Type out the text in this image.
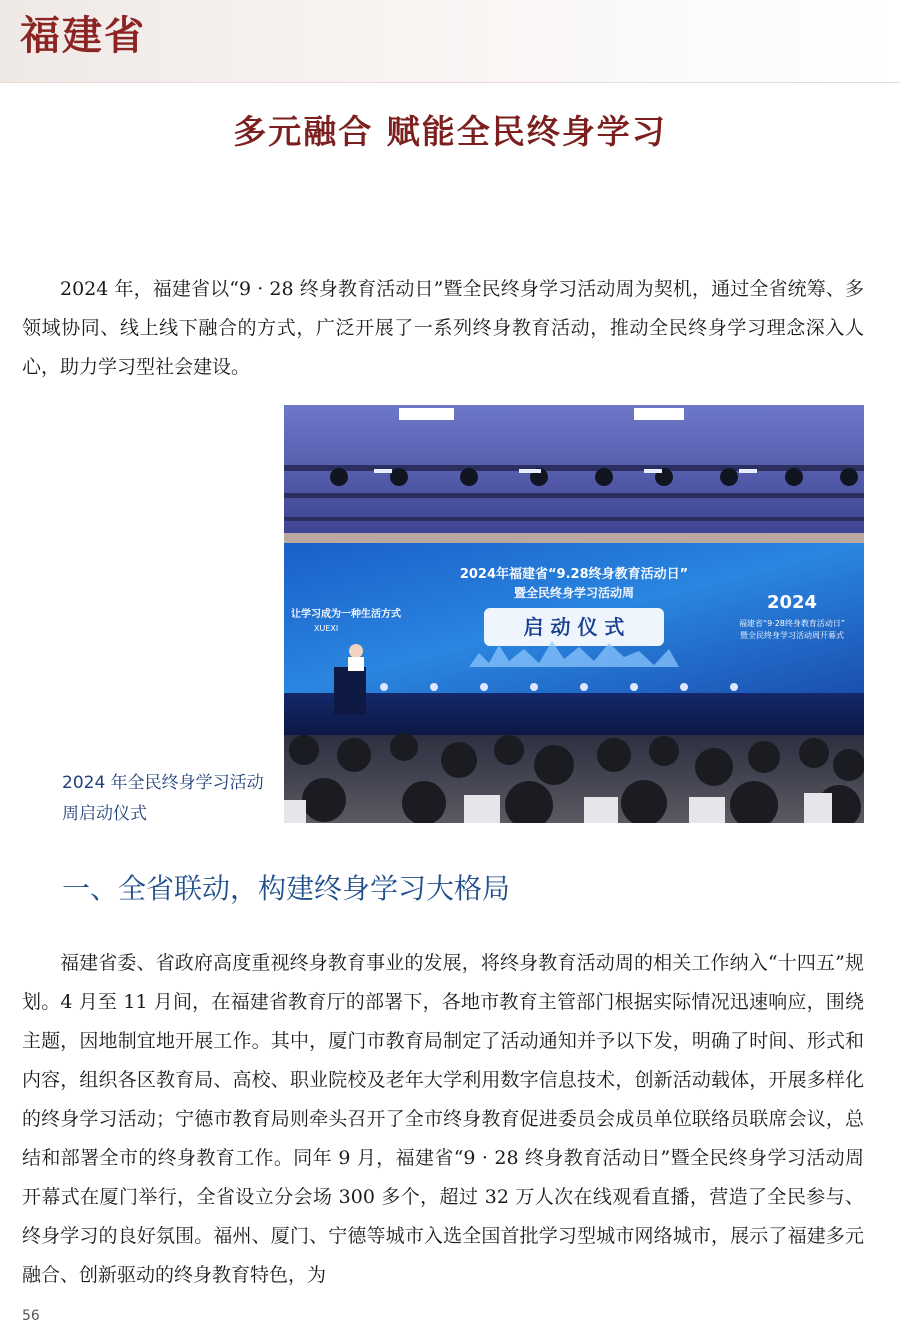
福建省
多元融合 赋能全民终身学习

2024 年，福建省以“9 · 28 终身教育活动日”暨全民终身学习活动周为契机，通过全省统筹、多领域协同、线上线下融合的方式，广泛开展了一系列终身教育活动，推动全民终身学习理念深入人心，助力学习型社会建设。

2024年福建省“9.28终身教育活动日”
暨全民终身学习活动周
启 动 仪 式
2024
福建省“9·28终身教育活动日”
暨全民终身学习活动周开幕式
让学习成为一种生活方式
XUEXI
2024 年全民终身学习活动周启动仪式
一、全省联动，构建终身学习大格局

福建省委、省政府高度重视终身教育事业的发展，将终身教育活动周的相关工作纳入“十四五”规划。4 月至 11 月间，在福建省教育厅的部署下，各地市教育主管部门根据实际情况迅速响应，围绕主题，因地制宜地开展工作。其中，厦门市教育局制定了活动通知并予以下发，明确了时间、形式和内容，组织各区教育局、高校、职业院校及老年大学利用数字信息技术，创新活动载体，开展多样化的终身学习活动；宁德市教育局则牵头召开了全市终身教育促进委员会成员单位联络员联席会议，总结和部署全市的终身教育工作。同年 9 月，福建省“9 · 28 终身教育活动日”暨全民终身学习活动周开幕式在厦门举行，全省设立分会场 300 多个，超过 32 万人次在线观看直播，营造了全民参与、终身学习的良好氛围。福州、厦门、宁德等城市入选全国首批学习型城市网络城市，展示了福建多元融合、创新驱动的终身教育特色，为

56
